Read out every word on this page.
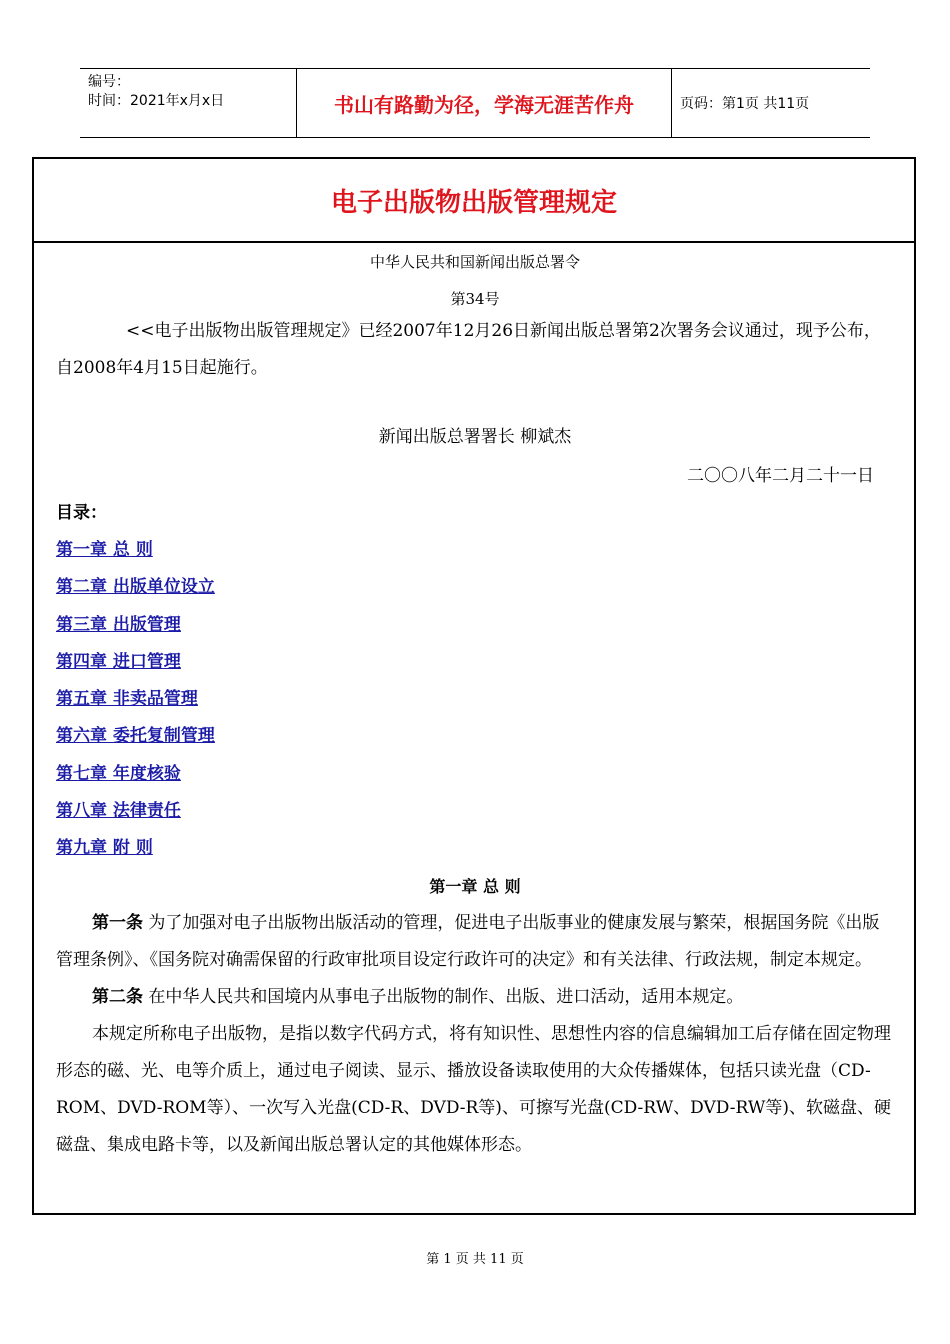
编号：
时间：2021年x月x日	书山有路勤为径，学海无涯苦作舟	页码：第1页 共11页
电子出版物出版管理规定

中华人民共和国新闻出版总署令

第34号

<<电子出版物出版管理规定》已经2007年12月26日新闻出版总署第2次署务会议通过，现予公布，自2008年4月15日起施行。

新闻出版总署署长 柳斌杰

二〇〇八年二月二十一日

目录：

第一章 总 则
第二章 出版单位设立
第三章 出版管理
第四章 进口管理
第五章 非卖品管理
第六章 委托复制管理
第七章 年度核验
第八章 法律责任
第九章 附 则

第一章 总 则

第一条 为了加强对电子出版物出版活动的管理，促进电子出版事业的健康发展与繁荣，根据国务院《出版管理条例》、《国务院对确需保留的行政审批项目设定行政许可的决定》和有关法律、行政法规，制定本规定。

第二条 在中华人民共和国境内从事电子出版物的制作、出版、进口活动，适用本规定。

本规定所称电子出版物，是指以数字代码方式，将有知识性、思想性内容的信息编辑加工后存储在固定物理形态的磁、光、电等介质上，通过电子阅读、显示、播放设备读取使用的大众传播媒体，包括只读光盘（CD-ROM、DVD-ROM等）、一次写入光盘(CD-R、DVD-R等)、可擦写光盘(CD-RW、DVD-RW等)、软磁盘、硬磁盘、集成电路卡等，以及新闻出版总署认定的其他媒体形态。

第 1 页 共 11 页
